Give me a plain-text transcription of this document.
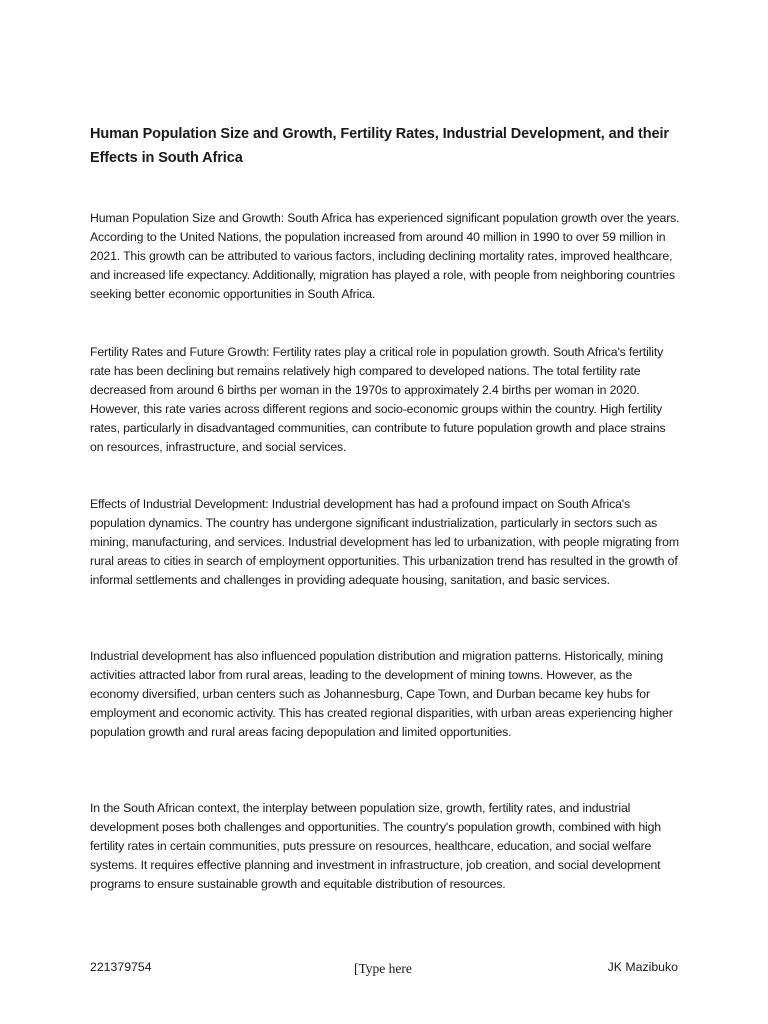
Human Population Size and Growth, Fertility Rates, Industrial Development, and their Effects in South Africa

Human Population Size and Growth: South Africa has experienced significant population growth over the years. According to the United Nations, the population increased from around 40 million in 1990 to over 59 million in 2021. This growth can be attributed to various factors, including declining mortality rates, improved healthcare, and increased life expectancy. Additionally, migration has played a role, with people from neighboring countries seeking better economic opportunities in South Africa.

Fertility Rates and Future Growth: Fertility rates play a critical role in population growth. South Africa's fertility rate has been declining but remains relatively high compared to developed nations. The total fertility rate decreased from around 6 births per woman in the 1970s to approximately 2.4 births per woman in 2020. However, this rate varies across different regions and socio-economic groups within the country. High fertility rates, particularly in disadvantaged communities, can contribute to future population growth and place strains on resources, infrastructure, and social services.

Effects of Industrial Development: Industrial development has had a profound impact on South Africa's population dynamics. The country has undergone significant industrialization, particularly in sectors such as mining, manufacturing, and services. Industrial development has led to urbanization, with people migrating from rural areas to cities in search of employment opportunities. This urbanization trend has resulted in the growth of informal settlements and challenges in providing adequate housing, sanitation, and basic services.

Industrial development has also influenced population distribution and migration patterns. Historically, mining activities attracted labor from rural areas, leading to the development of mining towns. However, as the economy diversified, urban centers such as Johannesburg, Cape Town, and Durban became key hubs for employment and economic activity. This has created regional disparities, with urban areas experiencing higher population growth and rural areas facing depopulation and limited opportunities.

In the South African context, the interplay between population size, growth, fertility rates, and industrial development poses both challenges and opportunities. The country's population growth, combined with high fertility rates in certain communities, puts pressure on resources, healthcare, education, and social welfare systems. It requires effective planning and investment in infrastructure, job creation, and social development programs to ensure sustainable growth and equitable distribution of resources.

221379754	[Type here	JK Mazibuko
